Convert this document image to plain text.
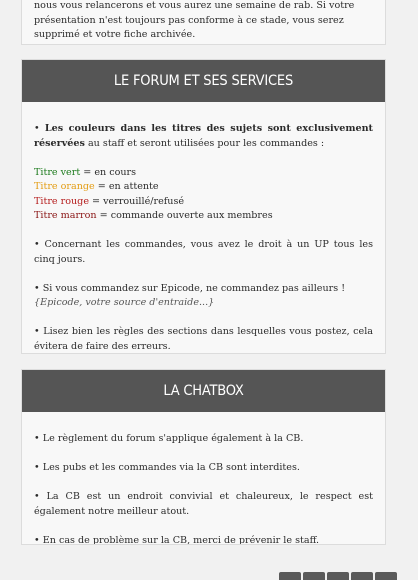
nous vous relancerons et vous aurez une semaine de rab. Si votre

présentation n'est toujours pas conforme à ce stade, vous serez

supprimé et votre fiche archivée.

LE FORUM ET SES SERVICES

• Les couleurs dans les titres des sujets sont exclusivement réservées au staff et seront utilisées pour les commandes :

Titre vert = en cours

Titre orange = en attente

Titre rouge = verrouillé/refusé

Titre marron = commande ouverte aux membres

• Concernant les commandes, vous avez le droit à un UP tous les cinq jours.

• Si vous commandez sur Epicode, ne commandez pas ailleurs !

{Epicode, votre source d'entraide...}

• Lisez bien les règles des sections dans lesquelles vous postez, cela évitera de faire des erreurs.

LA CHATBOX

• Le règlement du forum s'applique également à la CB.

• Les pubs et les commandes via la CB sont interdites.

• La CB est un endroit convivial et chaleureux, le respect est également notre meilleur atout.

• En cas de problème sur la CB, merci de prévenir le staff.
